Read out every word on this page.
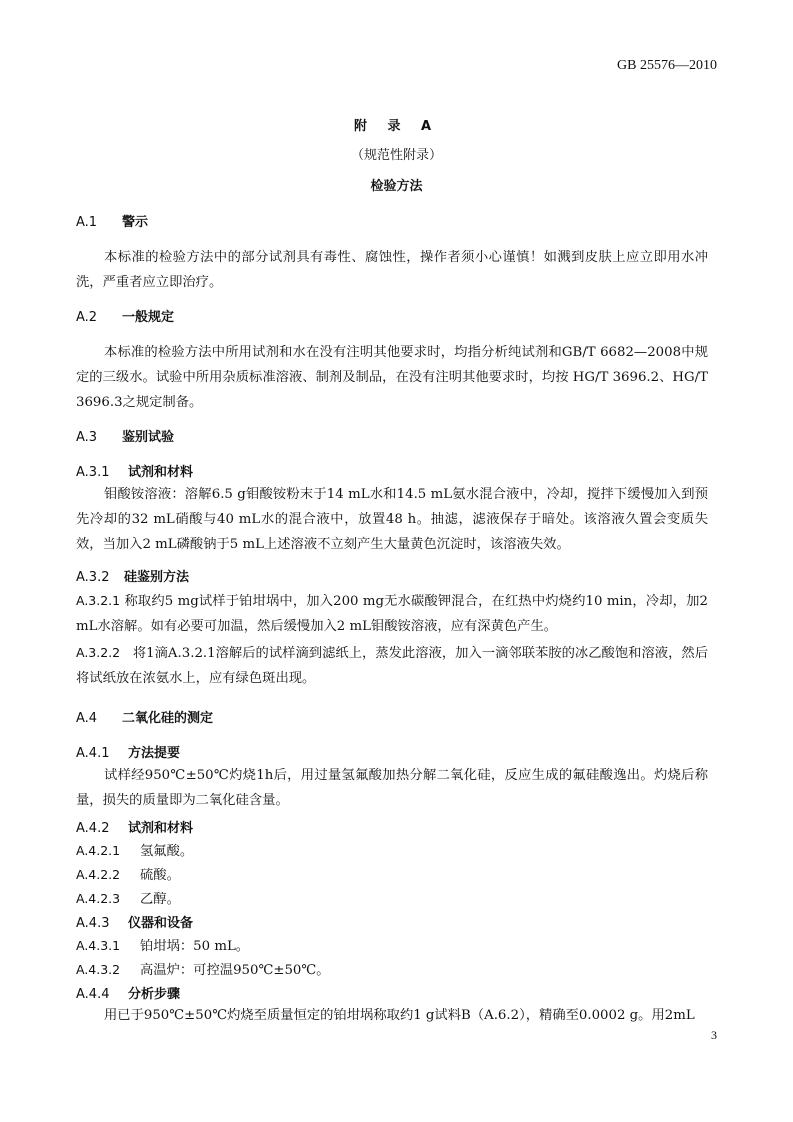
GB 25576—2010
附 录 A
（规范性附录）
检验方法
A.1 警示
本标准的检验方法中的部分试剂具有毒性、腐蚀性，操作者须小心谨慎！如溅到皮肤上应立即用水冲洗，严重者应立即治疗。
A.2 一般规定
本标准的检验方法中所用试剂和水在没有注明其他要求时，均指分析纯试剂和GB/T 6682—2008中规定的三级水。试验中所用杂质标准溶液、制剂及制品，在没有注明其他要求时，均按 HG/T 3696.2、HG/T 3696.3之规定制备。
A.3 鉴别试验
A.3.1 试剂和材料
钼酸铵溶液：溶解6.5 g钼酸铵粉末于14 mL水和14.5 mL氨水混合液中，冷却，搅拌下缓慢加入到预先冷却的32 mL硝酸与40 mL水的混合液中，放置48 h。抽滤，滤液保存于暗处。该溶液久置会变质失效，当加入2 mL磷酸钠于5 mL上述溶液不立刻产生大量黄色沉淀时，该溶液失效。
A.3.2 硅鉴别方法
A.3.2.1 称取约5 mg试样于铂坩埚中，加入200 mg无水碳酸钾混合，在红热中灼烧约10 min，冷却，加2 mL水溶解。如有必要可加温，然后缓慢加入2 mL钼酸铵溶液，应有深黄色产生。
A.3.2.2 将1滴A.3.2.1溶解后的试样滴到滤纸上，蒸发此溶液，加入一滴邻联苯胺的冰乙酸饱和溶液，然后将试纸放在浓氨水上，应有绿色斑出现。
A.4 二氧化硅的测定
A.4.1 方法提要
试样经950℃±50℃灼烧1h后，用过量氢氟酸加热分解二氧化硅，反应生成的氟硅酸逸出。灼烧后称量，损失的质量即为二氧化硅含量。
A.4.2 试剂和材料
A.4.2.1 氢氟酸。
A.4.2.2 硫酸。
A.4.2.3 乙醇。
A.4.3 仪器和设备
A.4.3.1 铂坩埚：50 mL。
A.4.3.2 高温炉：可控温950℃±50℃。
A.4.4 分析步骤
用已于950℃±50℃灼烧至质量恒定的铂坩埚称取约1 g试料B（A.6.2），精确至0.0002 g。用2mL
3
